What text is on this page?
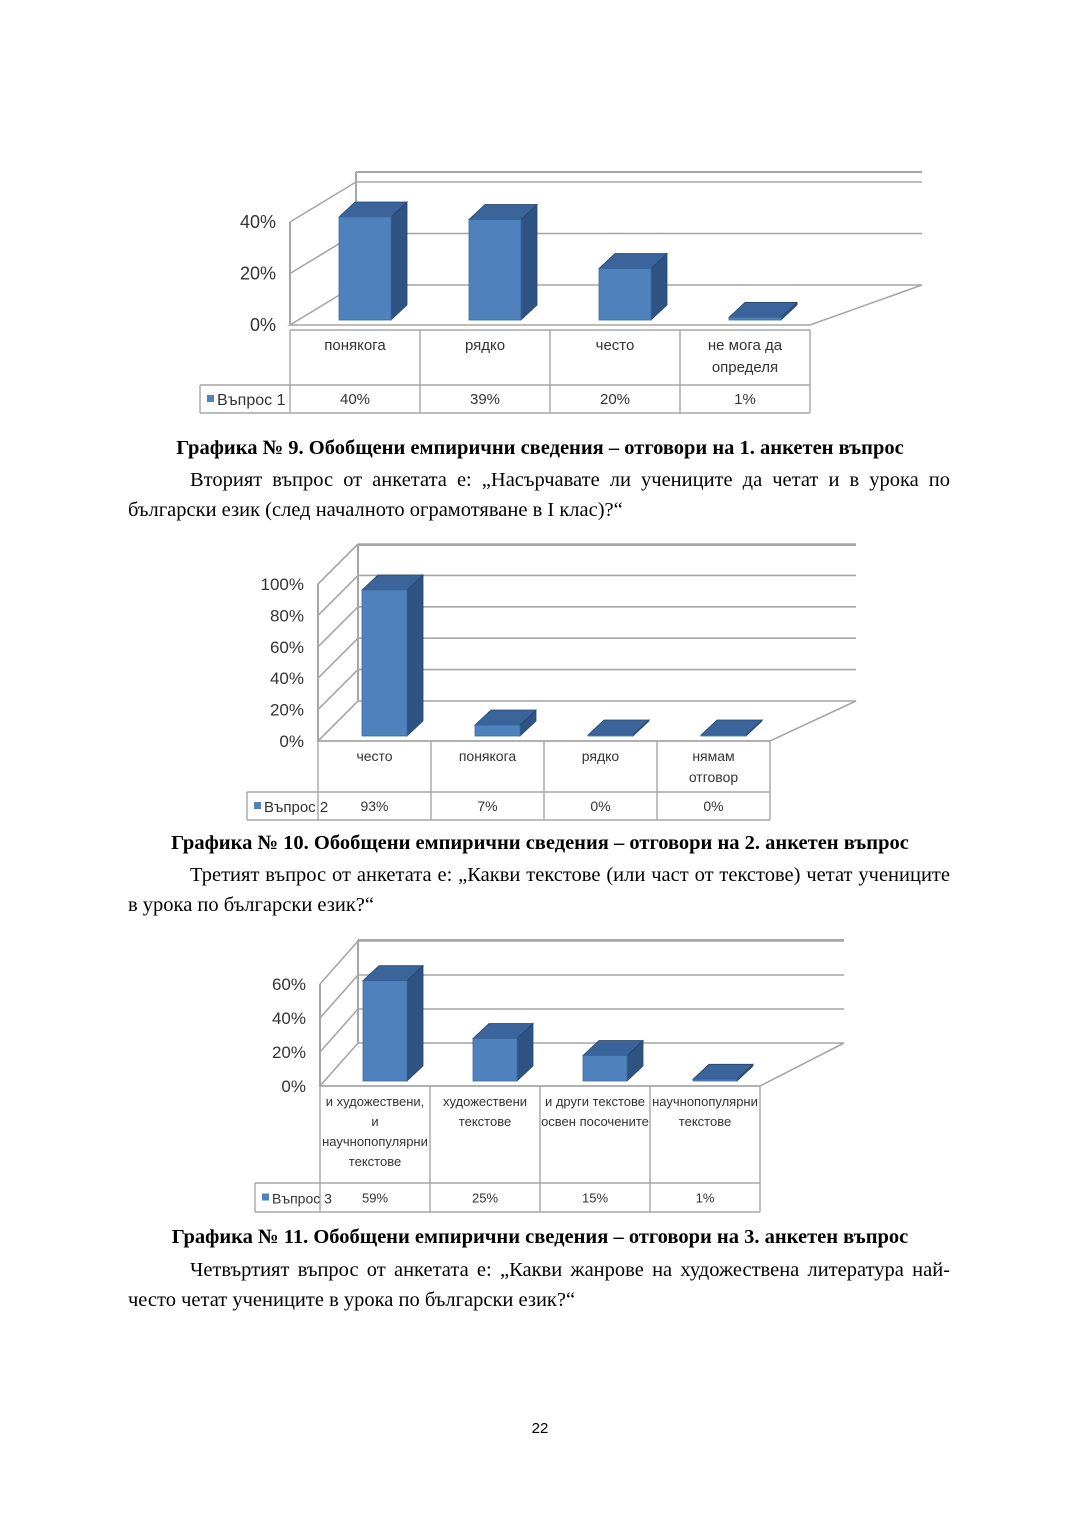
0%
20%
40%
Въпрос 1
понякога
40%
рядко
39%
често
20%
не мога да
определя
1%

Графика № 9. Обобщени емпирични сведения – отговори на 1. анкетен въпрос

Вторият въпрос от анкетата е: „Насърчавате ли учениците да четат и в урока по български език (след началното ограмотяване в I клас)?“

0%
20%
40%
60%
80%
100%
Въпрос 2
често
93%
понякога
7%
рядко
0%
нямам
отговор
0%

Графика № 10. Обобщени емпирични сведения – отговори на 2. анкетен въпрос

Третият въпрос от анкетата е: „Какви текстове (или част от текстове) четат учениците в урока по български език?“

0%
20%
40%
60%
Въпрос 3
и художествени,
и
научнопопулярни
текстове
59%
художествени
текстове
25%
и други текстове
освен посочените
15%
научнопопулярни
текстове
1%

Графика № 11. Обобщени емпирични сведения – отговори на 3. анкетен въпрос

Четвъртият въпрос от анкетата е: „Какви жанрове на художествена литература най-често четат учениците в урока по български език?“

22
